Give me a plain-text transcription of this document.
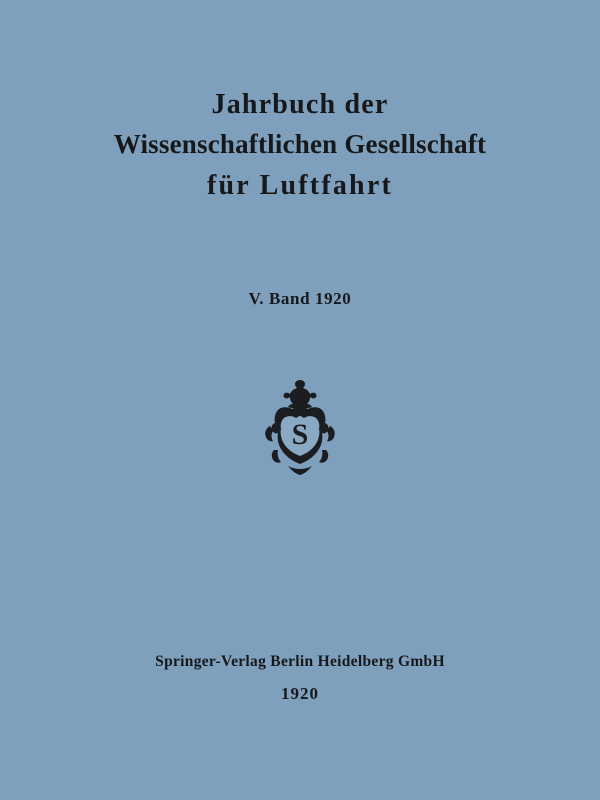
Jahrbuch der
Wissenschaftlichen Gesellschaft
für Luftfahrt
V. Band 1920
S
Springer-Verlag Berlin Heidelberg GmbH
1920
